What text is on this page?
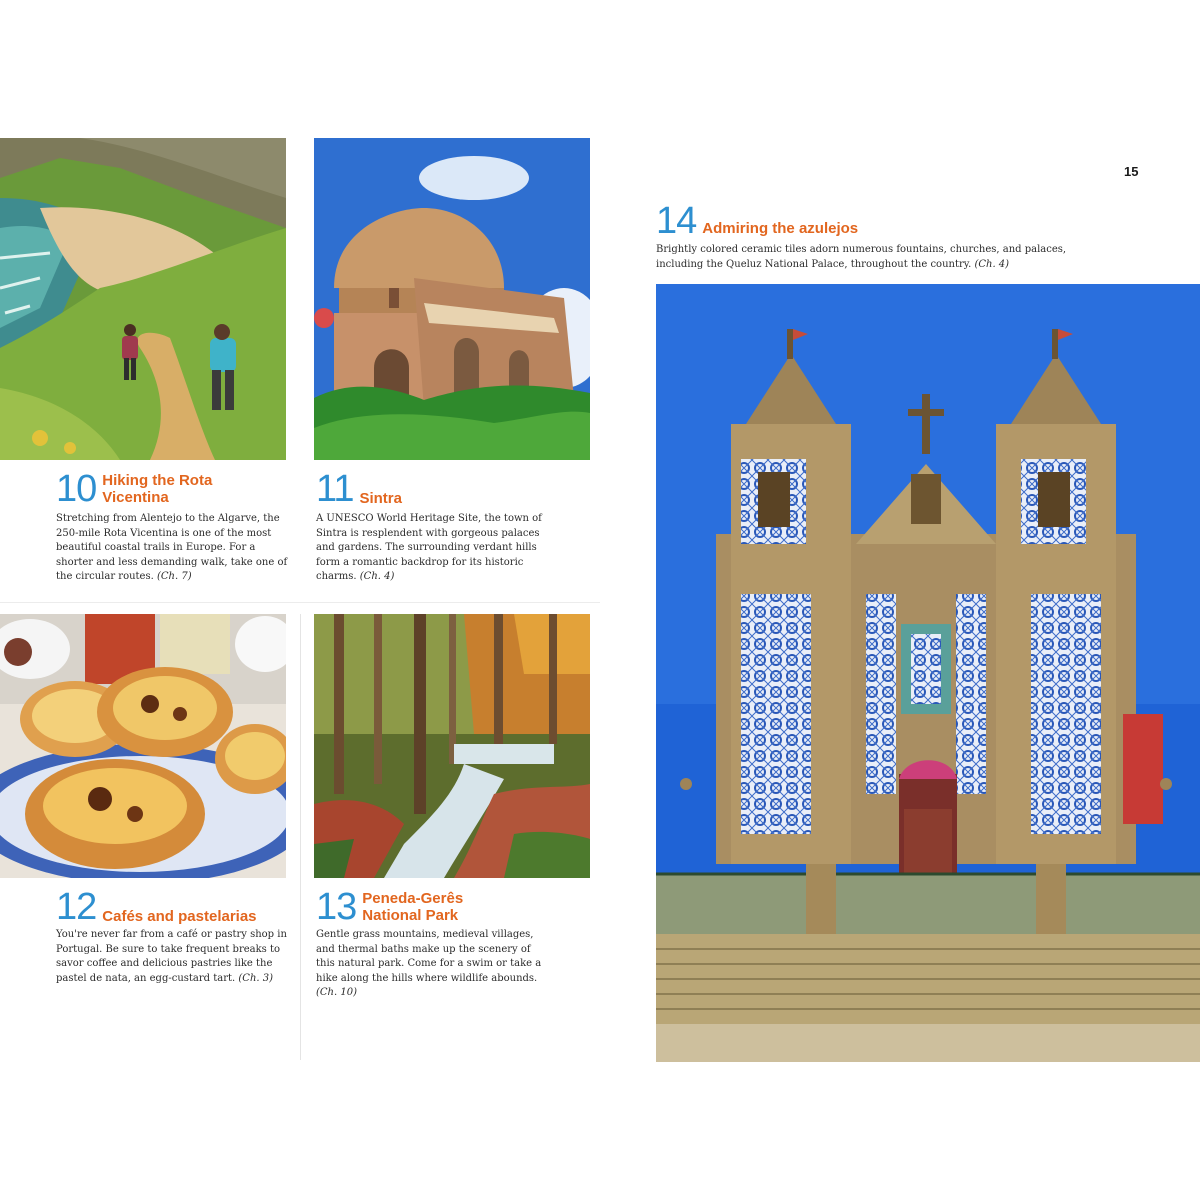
10 Hiking the Rota Vicentina
Stretching from Alentejo to the Algarve, the 250-mile Rota Vicentina is one of the most beautiful coastal trails in Europe. For a shorter and less demanding walk, take one of the circular routes. (Ch. 7)
11 Sintra
A UNESCO World Heritage Site, the town of Sintra is resplendent with gorgeous palaces and gardens. The surrounding verdant hills form a romantic backdrop for its historic charms. (Ch. 4)
12 Cafés and pastelarias
You're never far from a café or pastry shop in Portugal. Be sure to take frequent breaks to savor coffee and delicious pastries like the pastel de nata, an egg-custard tart. (Ch. 3)
13 Peneda-Gerês National Park
Gentle grass mountains, medieval villages, and thermal baths make up the scenery of this natural park. Come for a swim or take a hike along the hills where wildlife abounds. (Ch. 10)
15
14 Admiring the azulejos
Brightly colored ceramic tiles adorn numerous fountains, churches, and palaces, including the Queluz National Palace, throughout the country. (Ch. 4)
